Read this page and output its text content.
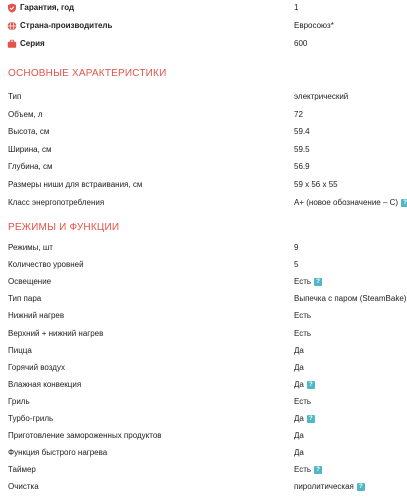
Гарантия, год	1
Страна-производитель	Евросоюз*
Серия	600
ОСНОВНЫЕ ХАРАКТЕРИСТИКИ
Тип	электрический
Объем, л	72
Высота, см	59.4
Ширина, см	59.5
Глубина, см	56.9
Размеры ниши для встраивания, см	59 x 56 x 55
Класс энергопотребления	A+ (новое обозначение – C) ?
РЕЖИМЫ И ФУНКЦИИ
Режимы, шт	9
Количество уровней	5
Освещение	Есть ?
Тип пара	Выпечка с паром (SteamBake)
Нижний нагрев	Есть
Верхний + нижний нагрев	Есть
Пицца	Да
Горячий воздух	Да
Влажная конвекция	Да ?
Гриль	Есть
Турбо-гриль	Да ?
Приготовление замороженных продуктов	Да
Функция быстрого нагрева	Да
Таймер	Есть ?
Очистка	пиролитическая ?
